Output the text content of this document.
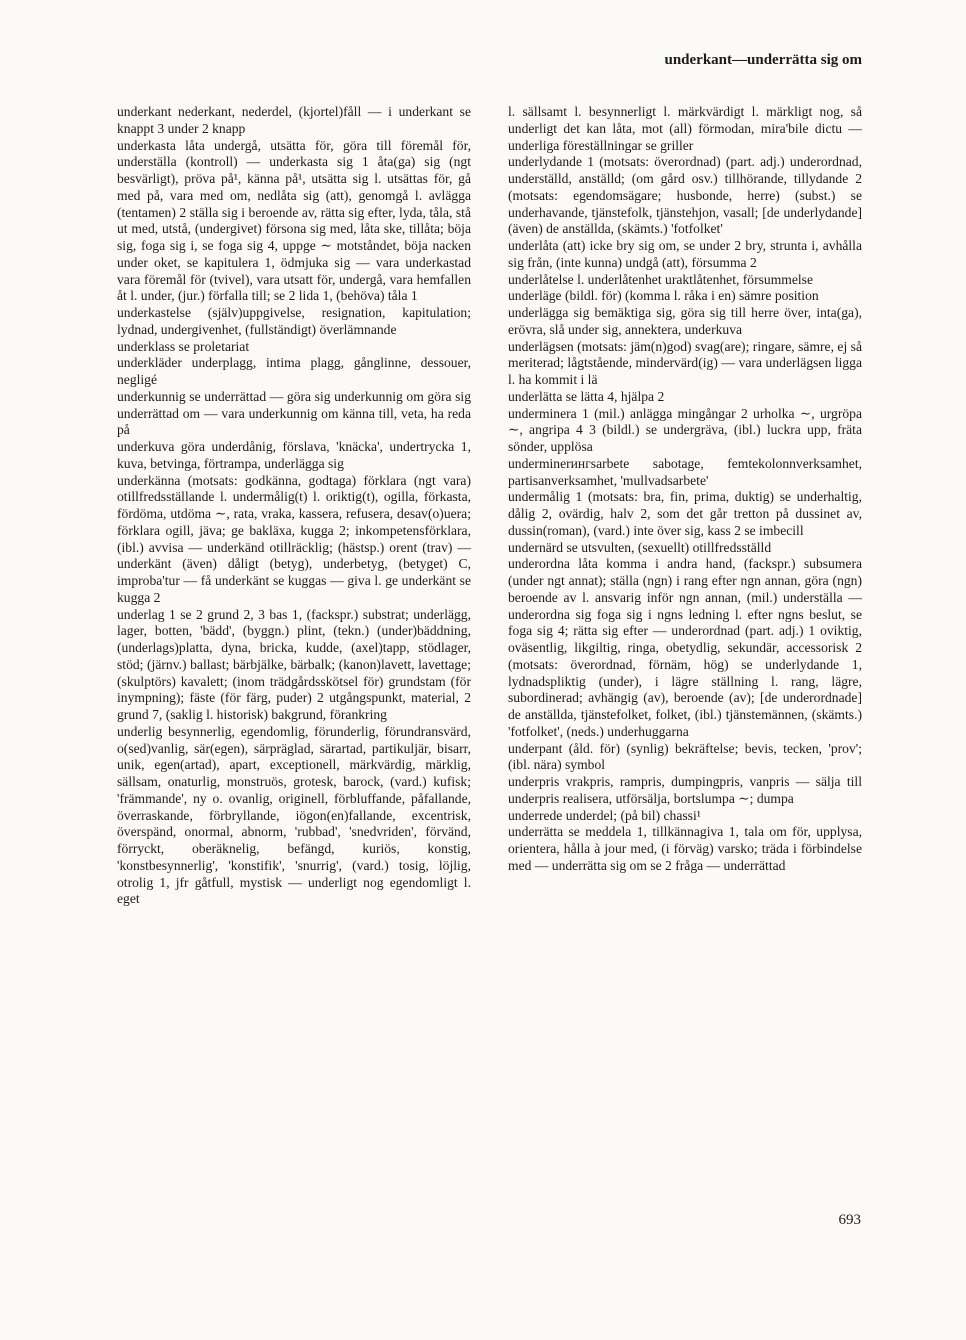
underkant—underrätta sig om

underkant nederkant, nederdel, (kjortel)fåll — i underkant se knappt 3 under 2 knapp

underkasta låta undergå, utsätta för, göra till föremål för, underställa (kontroll) — underkasta sig 1 åta(ga) sig (ngt besvärligt), pröva på¹, känna på¹, utsätta sig l. utsättas för, gå med på, vara med om, nedlåta sig (att), genomgå l. avlägga (tentamen) 2 ställa sig i beroende av, rätta sig efter, lyda, tåla, stå ut med, utstå, (undergivet) försona sig med, låta ske, tillåta; böja sig, foga sig i, se foga sig 4, uppge ∼ motståndet, böja nacken under oket, se kapitulera 1, ödmjuka sig — vara underkastad vara föremål för (tvivel), vara utsatt för, undergå, vara hemfallen åt l. under, (jur.) förfalla till; se 2 lida 1, (behöva) tåla 1

underkastelse (själv)uppgivelse, resignation, kapitulation; lydnad, undergivenhet, (fullständigt) överlämnande

underklass se proletariat

underkläder underplagg, intima plagg, gånglinne, dessouer, negligé

underkunnig se underrättad — göra sig underkunnig om göra sig underrättad om — vara underkunnig om känna till, veta, ha reda på

underkuva göra underdånig, förslava, 'knäcka', undertrycka 1, kuva, betvinga, förtrampa, underlägga sig

underkänna (motsats: godkänna, godtaga) förklara (ngt vara) otillfredsställande l. undermålig(t) l. oriktig(t), ogilla, förkasta, fördöma, utdöma ∼, rata, vraka, kassera, refusera, desav(o)uera; förklara ogill, jäva; ge bakläxa, kugga 2; inkompetensförklara, (ibl.) avvisa — underkänd otillräcklig; (hästsp.) orent (trav) — underkänt (även) dåligt (betyg), underbetyg, (betyget) C, improba'tur — få underkänt se kuggas — giva l. ge underkänt se kugga 2

underlag 1 se 2 grund 2, 3 bas 1, (fackspr.) substrat; underlägg, lager, botten, 'bädd', (byggn.) plint, (tekn.) (under)bäddning, (underlags)platta, dyna, bricka, kudde, (axel)tapp, stödlager, stöd; (järnv.) ballast; bärbjälke, bärbalk; (kanon)lavett, lavettage; (skulptörs) kavalett; (inom trädgårdsskötsel för) grundstam (för inympning); fäste (för färg, puder) 2 utgångspunkt, material, 2 grund 7, (saklig l. historisk) bakgrund, förankring

underlig besynnerlig, egendomlig, förunderlig, förundransvärd, o(sed)vanlig, sär(egen), särpräglad, särartad, partikuljär, bisarr, unik, egen(artad), apart, exceptionell, märkvärdig, märklig, sällsam, onaturlig, monstruös, grotesk, barock, (vard.) kufisk; 'främmande', ny o. ovanlig, originell, förbluffande, påfallande, överraskande, förbryllande, iögon(en)fallande, excentrisk, överspänd, onormal, abnorm, 'rubbad', 'snedvriden', förvänd, förryckt, oberäknelig, befängd, kuriös, konstig, 'konstbesynnerlig', 'konstifik', 'snurrig', (vard.) tosig, löjlig, otrolig 1, jfr gåtfull, mystisk — underligt nog egendomligt l. eget

l. sällsamt l. besynnerligt l. märkvärdigt l. märkligt nog, så underligt det kan låta, mot (all) förmodan, mira'bile dictu — underliga föreställningar se griller

underlydande 1 (motsats: överordnad) (part. adj.) underordnad, underställd, anställd; (om gård osv.) tillhörande, tillydande 2 (motsats: egendomsägare; husbonde, herre) (subst.) se underhavande, tjänstefolk, tjänstehjon, vasall; [de underlydande] (även) de anställda, (skämts.) 'fotfolket'

underlåta (att) icke bry sig om, se under 2 bry, strunta i, avhålla sig från, (inte kunna) undgå (att), försumma 2

underlåtelse l. underlåtenhet uraktlåtenhet, försummelse

underläge (bildl. för) (komma l. råka i en) sämre position

underlägga sig bemäktiga sig, göra sig till herre över, inta(ga), erövra, slå under sig, annektera, underkuva

underlägsen (motsats: jäm(n)god) svag(are); ringare, sämre, ej så meriterad; lågtstående, mindervärd(ig) — vara underlägsen ligga l. ha kommit i lä

underlätta se lätta 4, hjälpa 2

underminera 1 (mil.) anlägga mingångar 2 urholka ∼, urgröpa ∼, angripa 4 3 (bildl.) se undergräva, (ibl.) luckra upp, fräta sönder, upplösa

underminerингsarbete sabotage, femtekolonnverksamhet, partisanverksamhet, 'mullvadsarbete'

undermålig 1 (motsats: bra, fin, prima, duktig) se underhaltig, dålig 2, ovärdig, halv 2, som det går tretton på dussinet av, dussin(roman), (vard.) inte över sig, kass 2 se imbecill

undernärd se utsvulten, (sexuellt) otillfredsställd

underordna låta komma i andra hand, (fackspr.) subsumera (under ngt annat); ställa (ngn) i rang efter ngn annan, göra (ngn) beroende av l. ansvarig inför ngn annan, (mil.) underställa — underordna sig foga sig i ngns ledning l. efter ngns beslut, se foga sig 4; rätta sig efter — underordnad (part. adj.) 1 oviktig, oväsentlig, likgiltig, ringa, obetydlig, sekundär, accessorisk 2 (motsats: överordnad, förnäm, hög) se underlydande 1, lydnadspliktig (under), i lägre ställning l. rang, lägre, subordinerad; avhängig (av), beroende (av); [de underordnade] de anställda, tjänstefolket, folket, (ibl.) tjänstemännen, (skämts.) 'fotfolket', (neds.) underhuggarna

underpant (åld. för) (synlig) bekräftelse; bevis, tecken, 'prov'; (ibl. nära) symbol

underpris vrakpris, rampris, dumpingpris, vanpris — sälja till underpris realisera, utförsälja, bortslumpa ∼; dumpa

underrede underdel; (på bil) chassi¹

underrätta se meddela 1, tillkännagiva 1, tala om för, upplysa, orientera, hålla à jour med, (i förväg) varsko; träda i förbindelse med — underrätta sig om se 2 fråga — underrättad

693
